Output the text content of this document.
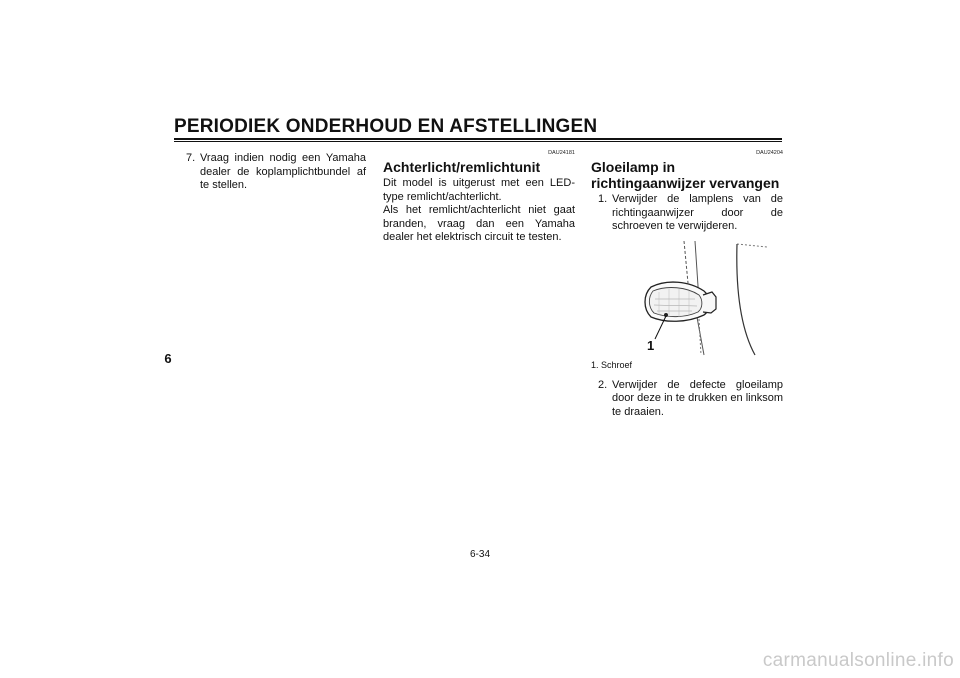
PERIODIEK ONDERHOUD EN AFSTELLINGEN
6
7. Vraag indien nodig een Yamaha dealer de koplamplichtbundel af te stellen.
DAU24181
Achterlicht/remlichtunit

Dit model is uitgerust met een LED-type remlicht/achterlicht.

Als het remlicht/achterlicht niet gaat branden, vraag dan een Yamaha dealer het elektrisch circuit te testen.

DAU24204
Gloeilamp in richtingaanwijzer vervangen
1. Verwijder de lamplens van de richtingaanwijzer door de schroeven te verwijderen.
1

1. Schroef

2. Verwijder de defecte gloeilamp door deze in te drukken en linksom te draaien.
6-34
carmanualsonline.info
